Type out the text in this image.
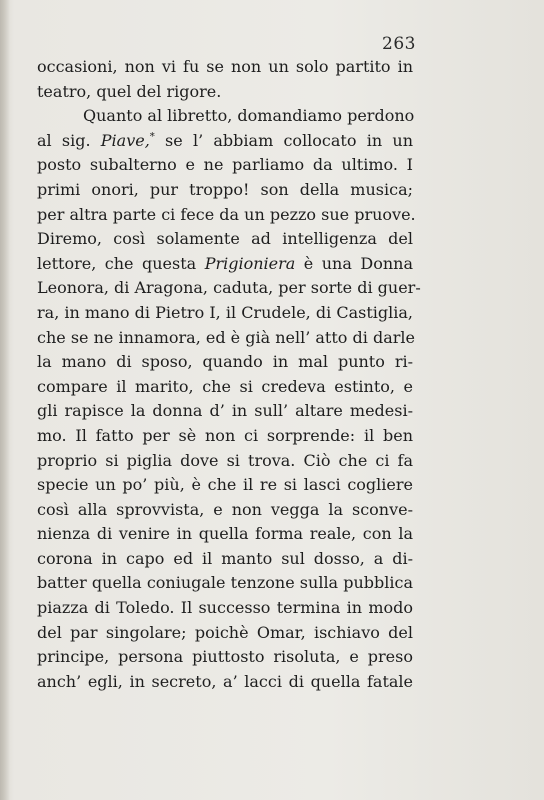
263
occasioni, non vi fu se non un solo partito in
teatro, quel del rigore.
Quanto al libretto, domandiamo perdono
al sig. Piave,* se l’ abbiam collocato in un
posto subalterno e ne parliamo da ultimo. I
primi onori, pur troppo! son della musica;
per altra parte ci fece da un pezzo sue pruove.
Diremo, così solamente ad intelligenza del
lettore, che questa Prigioniera è una Donna
Leonora, di Aragona, caduta, per sorte di guer-
ra, in mano di Pietro I, il Crudele, di Castiglia,
che se ne innamora, ed è già nell’ atto di darle
la mano di sposo, quando in mal punto ri-
compare il marito, che si credeva estinto, e
gli rapisce la donna d’ in sull’ altare medesi-
mo. Il fatto per sè non ci sorprende: il ben
proprio si piglia dove si trova. Ciò che ci fa
specie un po’ più, è che il re si lasci cogliere
così alla sprovvista, e non vegga la sconve-
nienza di venire in quella forma reale, con la
corona in capo ed il manto sul dosso, a di-
batter quella coniugale tenzone sulla pubblica
piazza di Toledo. Il successo termina in modo
del par singolare; poichè Omar, ischiavo del
principe, persona piuttosto risoluta, e preso
anch’ egli, in secreto, a’ lacci di quella fatale
